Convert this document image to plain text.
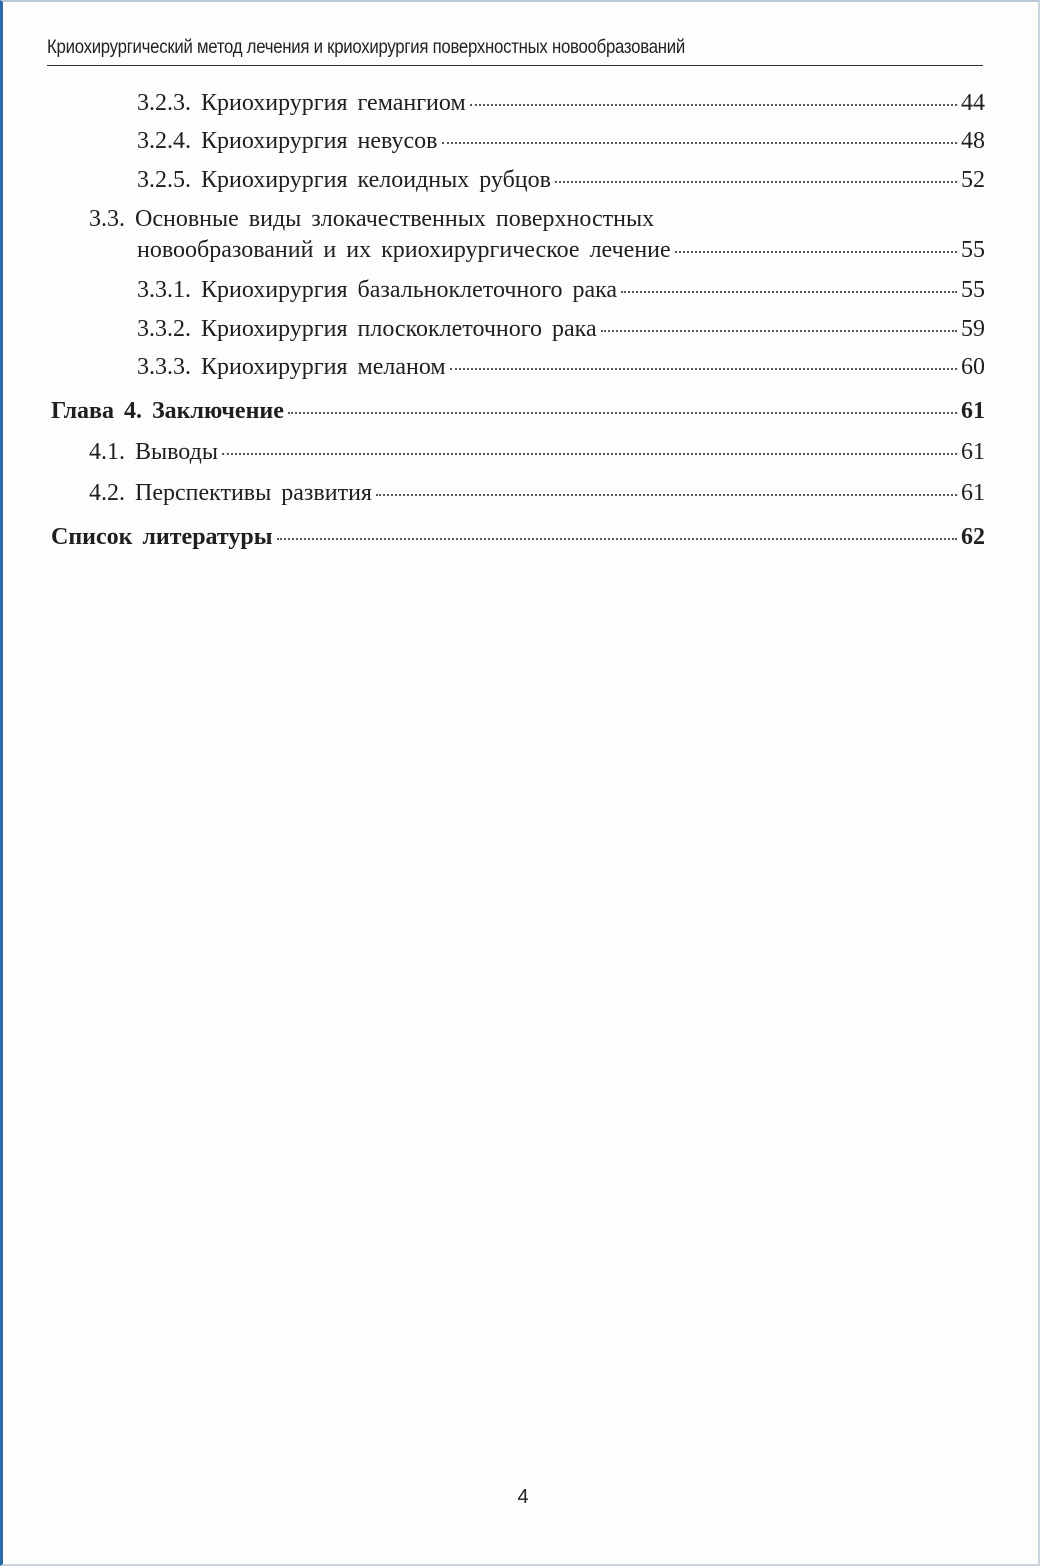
Криохирургический метод лечения и криохирургия поверхностных новообразований
3.2.3. Криохирургия гемангиом	44
3.2.4. Криохирургия невусов	48
3.2.5. Криохирургия келоидных рубцов	52
3.3. Основные виды злокачественных поверхностных
новообразований и их криохирургическое лечение	55
3.3.1. Криохирургия базальноклеточного рака	55
3.3.2. Криохирургия плоскоклеточного рака	59
3.3.3. Криохирургия меланом	60
Глава 4. Заключение	61
4.1. Выводы	61
4.2. Перспективы развития	61
Список литературы	62
4
